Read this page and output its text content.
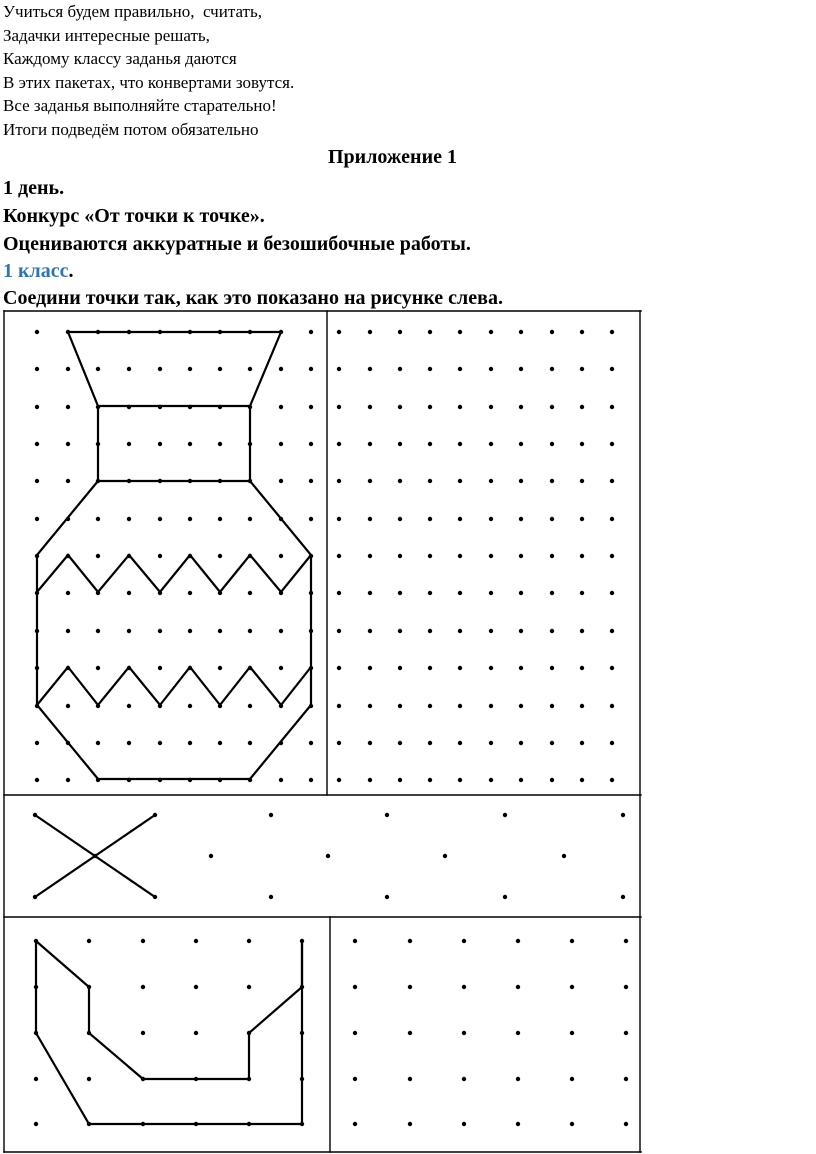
Учиться будем правильно,  считать,
Задачки интересные решать,
Каждому классу заданья даются
В этих пакетах, что конвертами зовутся.
Все заданья выполняйте старательно!
Итоги подведём потом обязательно
Приложение 1
1 день.
Конкурс «От точки к точке».
Оцениваются аккуратные и безошибочные работы.
1 класс.
Соедини точки так, как это показано на рисунке слева.
